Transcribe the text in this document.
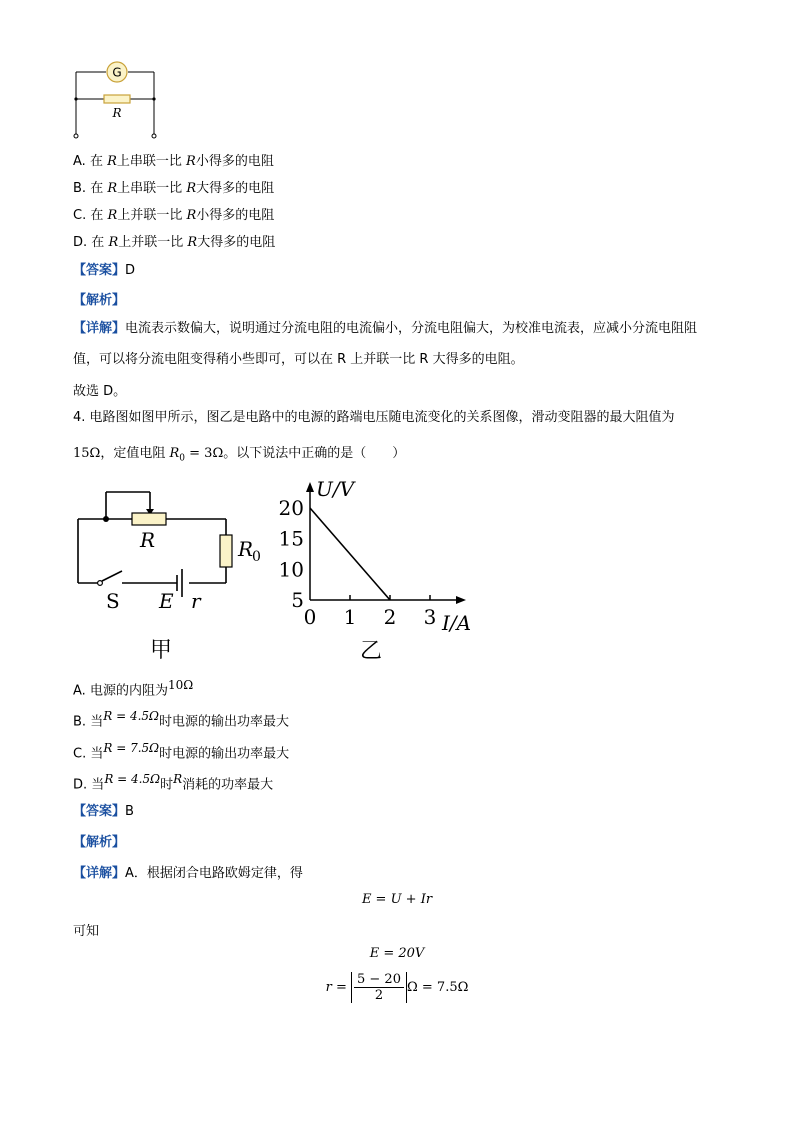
G
R
A. 在 R上串联一比 R小得多的电阻
B. 在 R上串联一比 R大得多的电阻
C. 在 R上并联一比 R小得多的电阻
D. 在 R上并联一比 R大得多的电阻
【答案】D
【解析】
【详解】电流表示数偏大，说明通过分流电阻的电流偏小，分流电阻偏大，为校准电流表，应减小分流电阻阻值，可以将分流电阻变得稍小些即可，可以在 R 上并联一比 R 大得多的电阻。
故选 D。
4. 电路图如图甲所示，图乙是电路中的电源的路端电压随电流变化的关系图像，滑动变阻器的最大阻值为
15Ω，定值电阻 $R_0 = 3\Omega$。以下说法中正确的是（　　）
R	R
0
S E r
甲
U/V
I/A
20
15
10
5
0 1 2 3
乙
A. 电源的内阻为$^{10\Omega}$
B. 当$^{R = 4.5\Omega}$时电源的输出功率最大
C. 当$^{R = 7.5\Omega}$时电源的输出功率最大
D. 当$^{R = 4.5\Omega}$时$^R$消耗的功率最大
【答案】B
【解析】
【详解】A．根据闭合电路欧姆定律，得
E = U + Ir
可知
E = 20V
$r = \frac{5 - 20}{2}$ Ω = 7.5Ω
